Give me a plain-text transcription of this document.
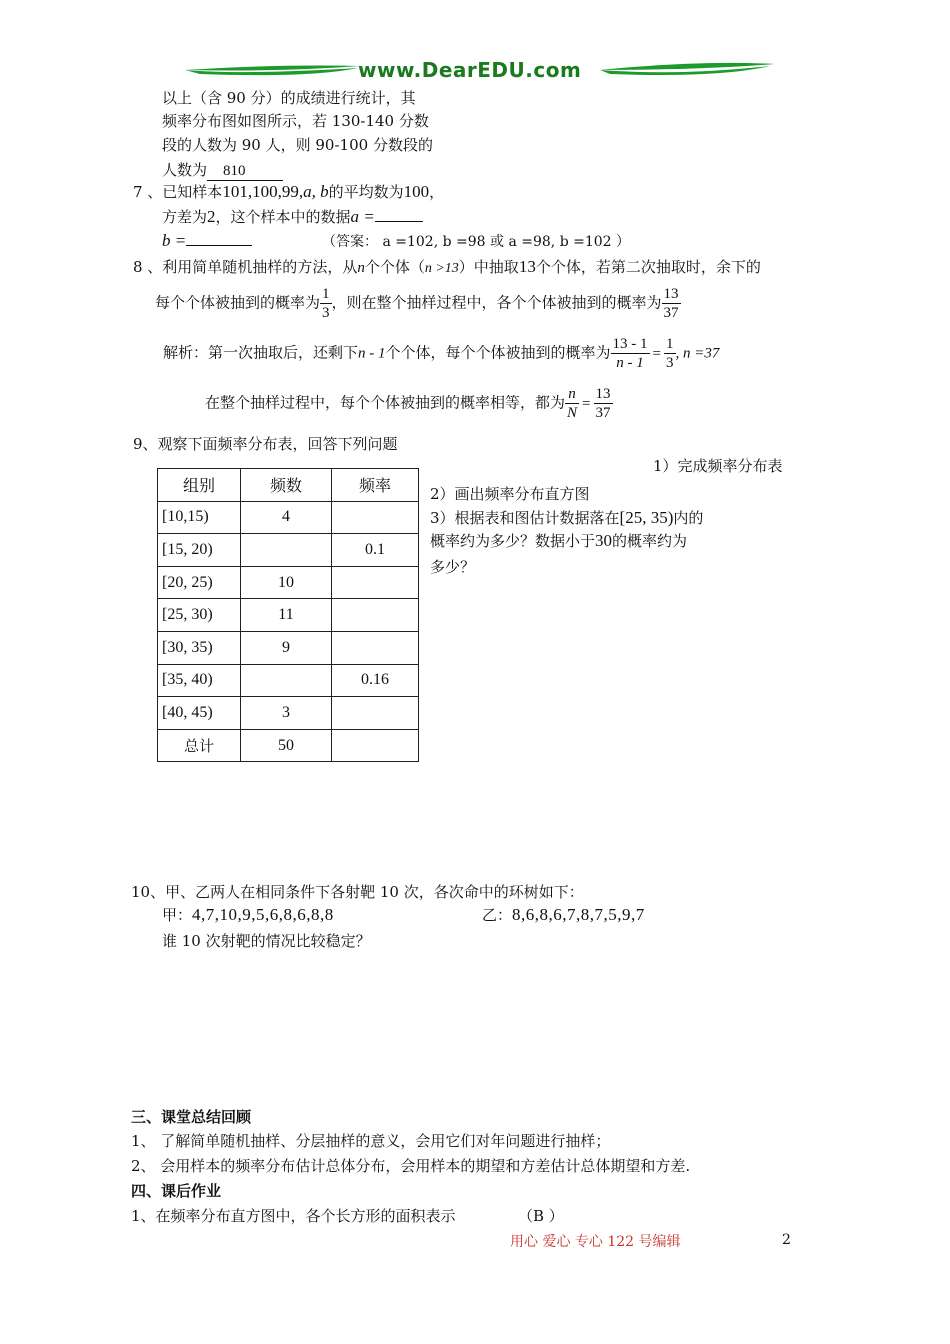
www.DearEDU.com
以上（含 90 分）的成绩进行统计，其
频率分布图如图所示，若 130-140 分数
段的人数为 90 人，则 90-100 分数段的
人数为 810
7 、已知样本101,100,99,a, b的平均数为100，
方差为2，这个样本中的数据a =
b =	（答案： a =102, b =98 或 a =98, b =102 ）
8 、利用简单随机抽样的方法，从n个个体（n >13）中抽取13个个体，若第二次抽取时，余下的
每个个体被抽到的概率为 $\frac{1}{3}$ ，则在整个抽样过程中，各个个体被抽到的概率为 $\frac{13}{37}$
解析：第一次抽取后，还剩下n - 1个个体，每个个体被抽到的概率为 $\frac{13 - 1}{n - 1} = \frac{1}{3}$ , n =37
在整个抽样过程中，每个个体被抽到的概率相等，都为 $\frac{n}{N} = \frac{13}{37}$
9、观察下面频率分布表，回答下列问题
1）完成频率分布表
2）画出频率分布直方图
3）根据表和图估计数据落在[25, 35)内的
概率约为多少？数据小于30的概率约为
多少？
组别	频数	频率
[10,15)	4	
[15, 20)		0.1
[20, 25)	10	
[25, 30)	11	
[30, 35)	9	
[35, 40)		0.16
[40, 45)	3	
总计	50	
10、甲、乙两人在相同条件下各射靶 10 次，各次命中的环树如下：
甲：4,7,10,9,5,6,8,6,8,8	乙：8,6,8,6,7,8,7,5,9,7
谁 10 次射靶的情况比较稳定？
三、课堂总结回顾
1、 了解简单随机抽样、分层抽样的意义，会用它们对年问题进行抽样；
2、 会用样本的频率分布估计总体分布，会用样本的期望和方差估计总体期望和方差.
四、课后作业
1、在频率分布直方图中，各个长方形的面积表示	（B ）
用心 爱心 专心 122 号编辑	2
